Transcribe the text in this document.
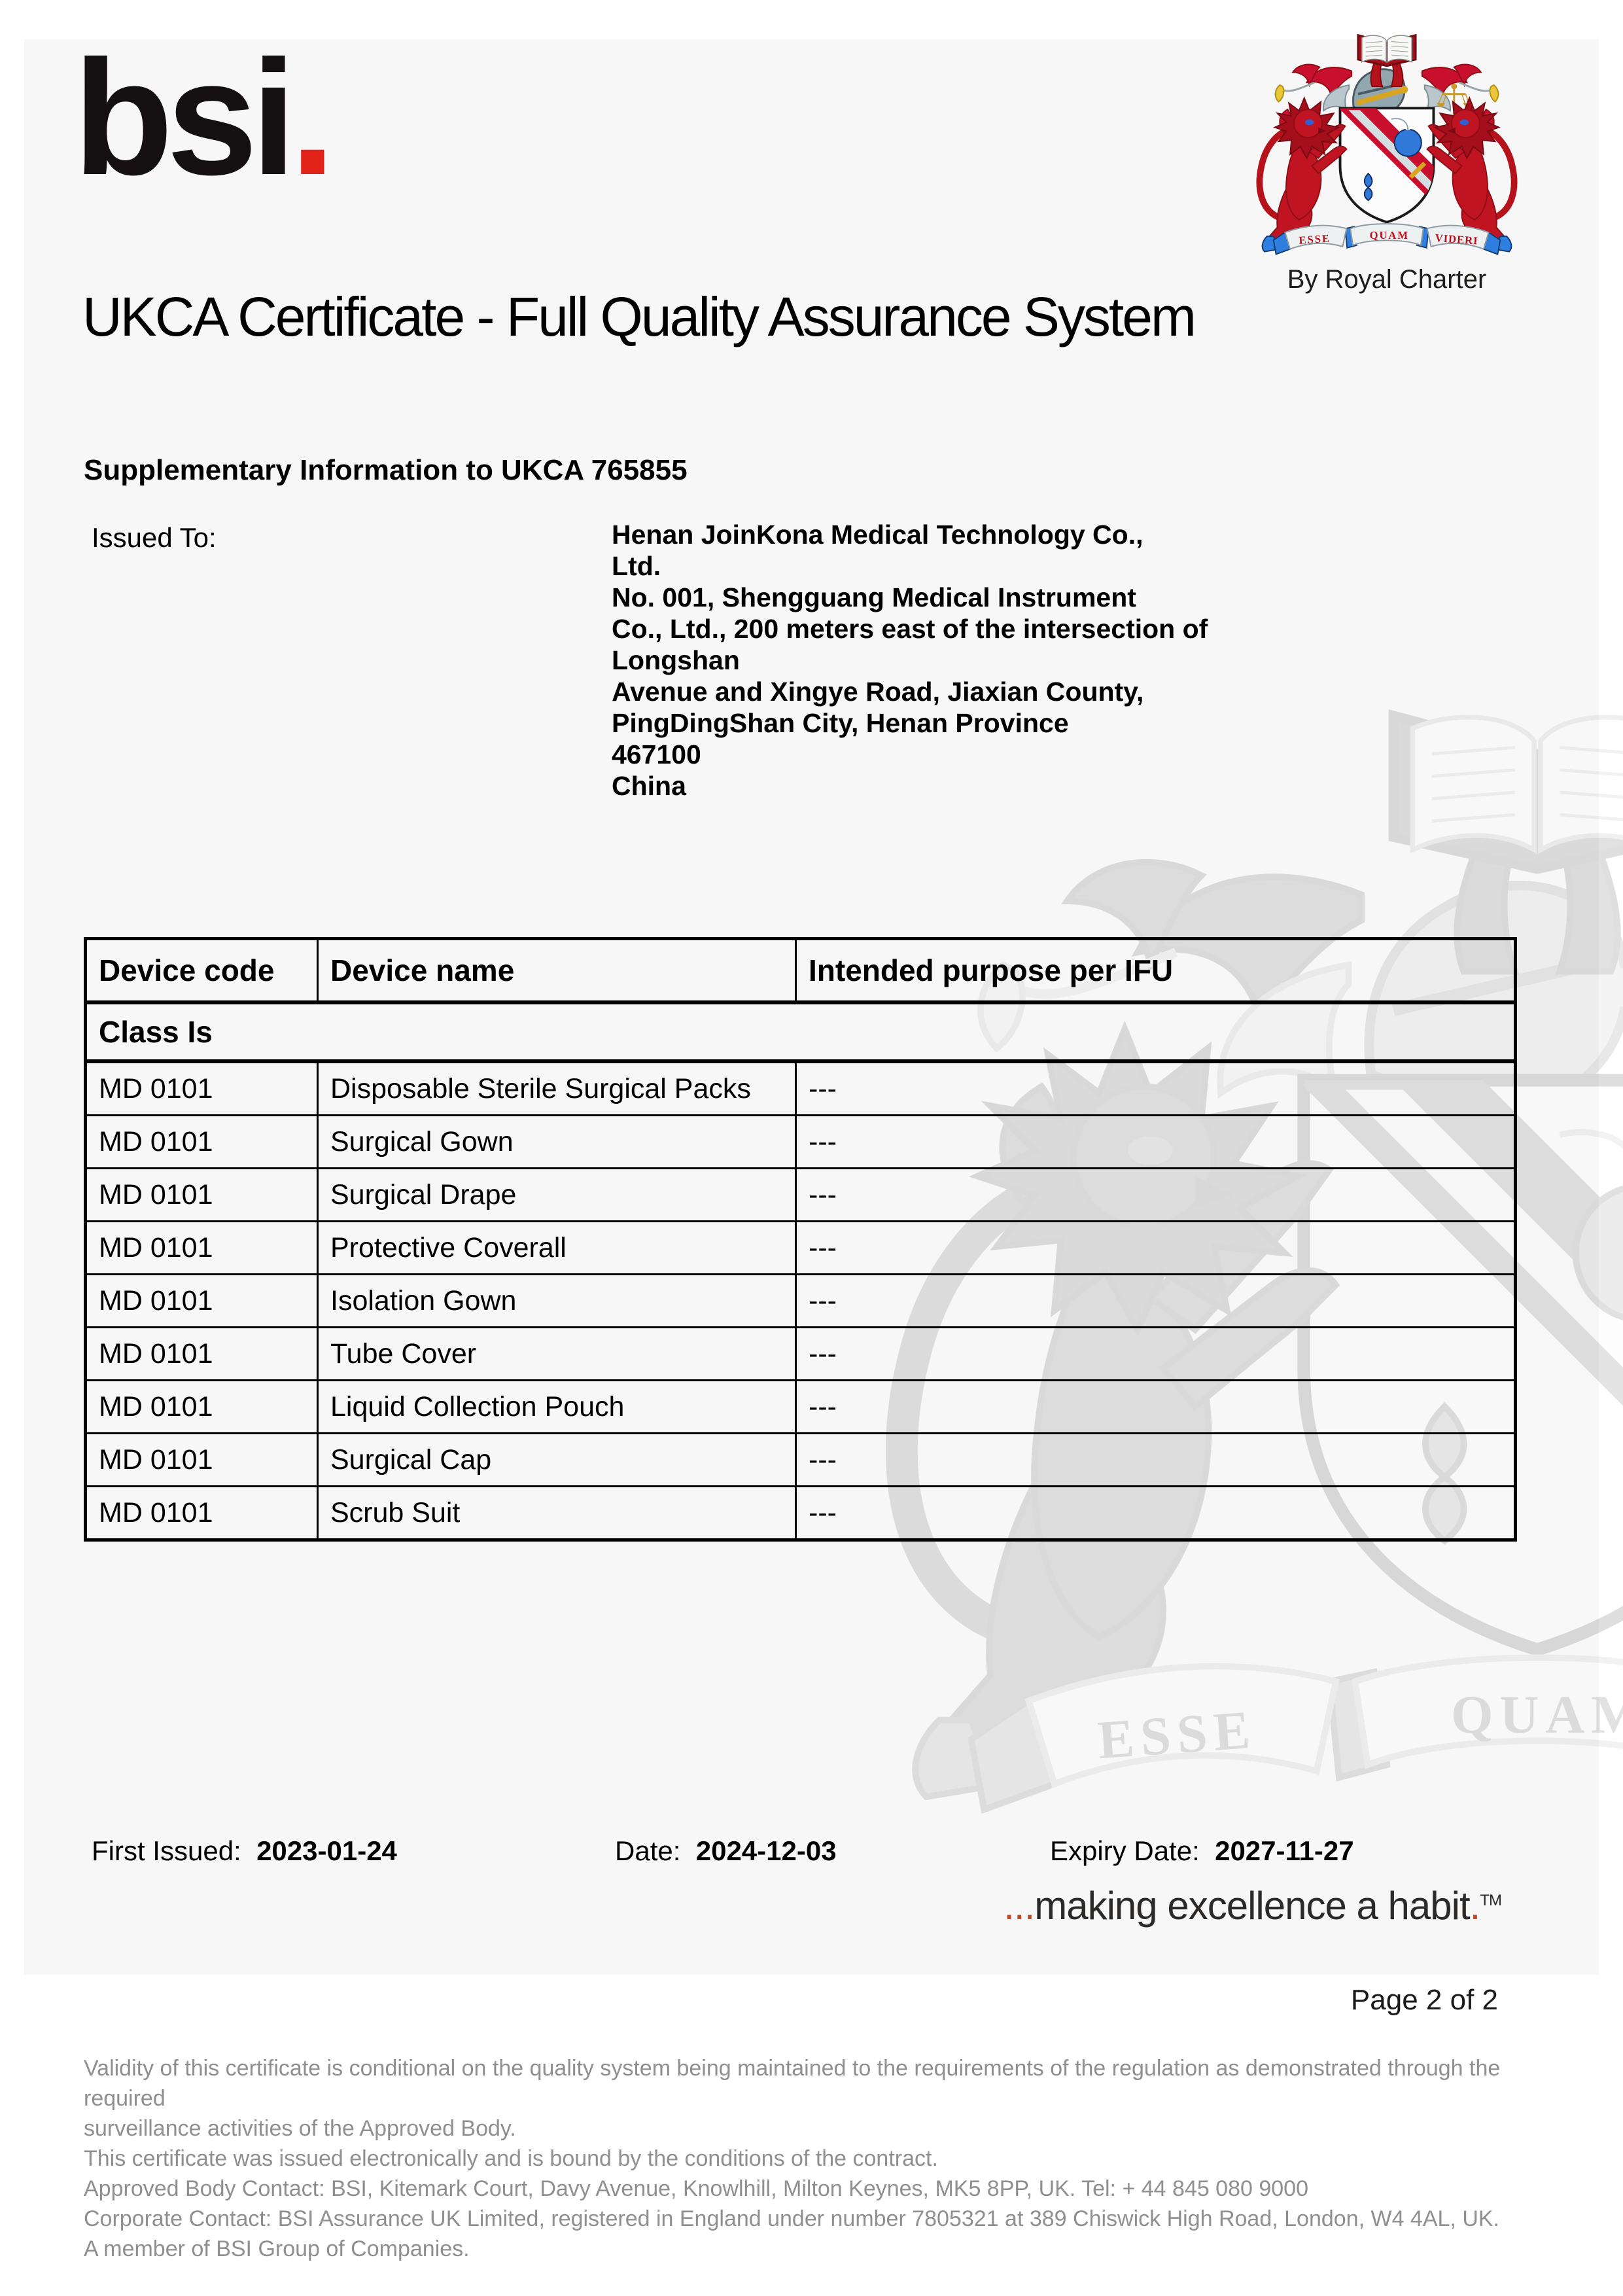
bsi.
By Royal Charter
UKCA Certificate - Full Quality Assurance System
Supplementary Information to UKCA 765855
Issued To:	Henan JoinKona Medical Technology Co.,
Ltd.
No. 001, Shengguang Medical Instrument
Co., Ltd., 200 meters east of the intersection of
Longshan
Avenue and Xingye Road, Jiaxian County,
PingDingShan City, Henan Province
467100
China
Device code	Device name	Intended purpose per IFU
Class Is		
MD 0101	Disposable Sterile Surgical Packs	---
MD 0101	Surgical Gown	---
MD 0101	Surgical Drape	---
MD 0101	Protective Coverall	---
MD 0101	Isolation Gown	---
MD 0101	Tube Cover	---
MD 0101	Liquid Collection Pouch	---
MD 0101	Surgical Cap	---
MD 0101	Scrub Suit	---
First Issued: 2023-01-24	Date: 2024-12-03	Expiry Date: 2027-11-27
...making excellence a habit.™
Page 2 of 2
Validity of this certificate is conditional on the quality system being maintained to the requirements of the regulation as demonstrated through the required
surveillance activities of the Approved Body.
This certificate was issued electronically and is bound by the conditions of the contract.
Approved Body Contact: BSI, Kitemark Court, Davy Avenue, Knowlhill, Milton Keynes, MK5 8PP, UK. Tel: + 44 845 080 9000
Corporate Contact: BSI Assurance UK Limited, registered in England under number 7805321 at 389 Chiswick High Road, London, W4 4AL, UK.
A member of BSI Group of Companies.
